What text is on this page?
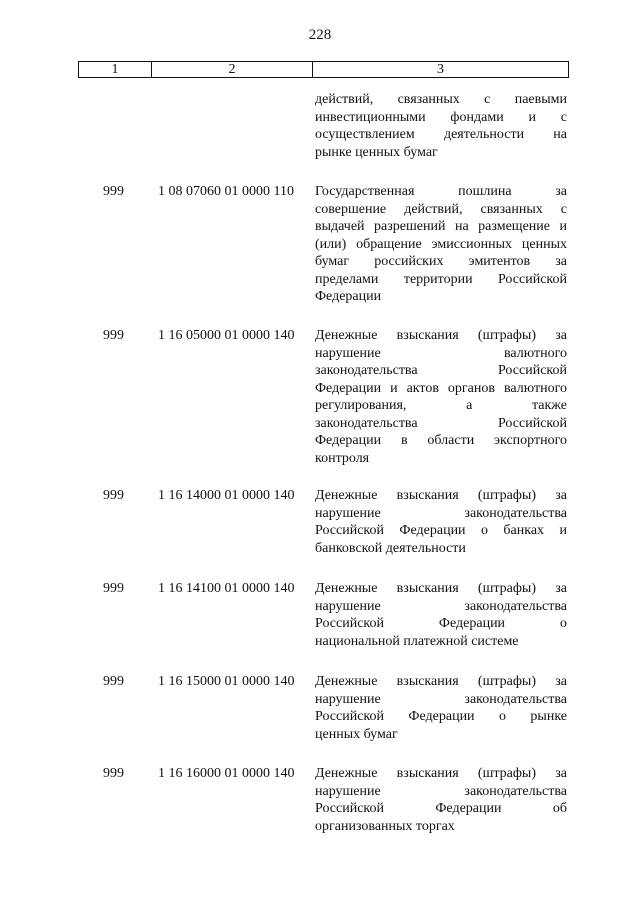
228
1	2	3
действий, связанных с паевыми
инвестиционными фондами и с
осуществлением деятельности на
рынке ценных бумаг
999	1 08 07060 01 0000 110	Государственная пошлина за
совершение действий, связанных с
выдачей разрешений на размещение и
(или) обращение эмиссионных ценных
бумаг российских эмитентов за
пределами территории Российской
Федерации
999	1 16 05000 01 0000 140	Денежные взыскания (штрафы) за
нарушение валютного
законодательства Российской
Федерации и актов органов валютного
регулирования, а также
законодательства Российской
Федерации в области экспортного
контроля
999	1 16 14000 01 0000 140	Денежные взыскания (штрафы) за
нарушение законодательства
Российской Федерации о банках и
банковской деятельности
999	1 16 14100 01 0000 140	Денежные взыскания (штрафы) за
нарушение законодательства
Российской Федерации о
национальной платежной системе
999	1 16 15000 01 0000 140	Денежные взыскания (штрафы) за
нарушение законодательства
Российской Федерации о рынке
ценных бумаг
999	1 16 16000 01 0000 140	Денежные взыскания (штрафы) за
нарушение законодательства
Российской Федерации об
организованных торгах
